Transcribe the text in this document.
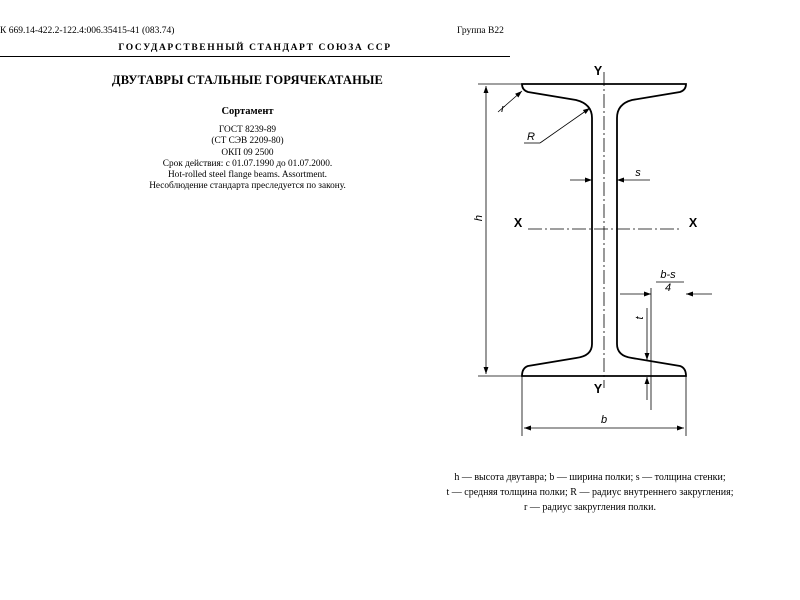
К 669.14-422.2-122.4:006.35415-41 (083.74)	Группа В22
ГОСУДАРСТВЕННЫЙ СТАНДАРТ СОЮЗА ССР
ДВУТАВРЫ СТАЛЬНЫЕ ГОРЯЧЕКАТАНЫЕ
Сортамент
ГОСТ 8239-89
(СТ СЭВ 2209-80)
ОКП 09 2500
Срок действия: с 01.07.1990 до 01.07.2000.
Hot-rolled steel flange beams. Assortment.
Несоблюдение стандарта преследуется по закону.
h
b
s
b-s
4
t
r
R
Y
Y
X	X
h — высота двутавра; b — ширина полки; s — толщина стенки;
t — средняя толщина полки; R — радиус внутреннего закругления;
r — радиус закругления полки.
